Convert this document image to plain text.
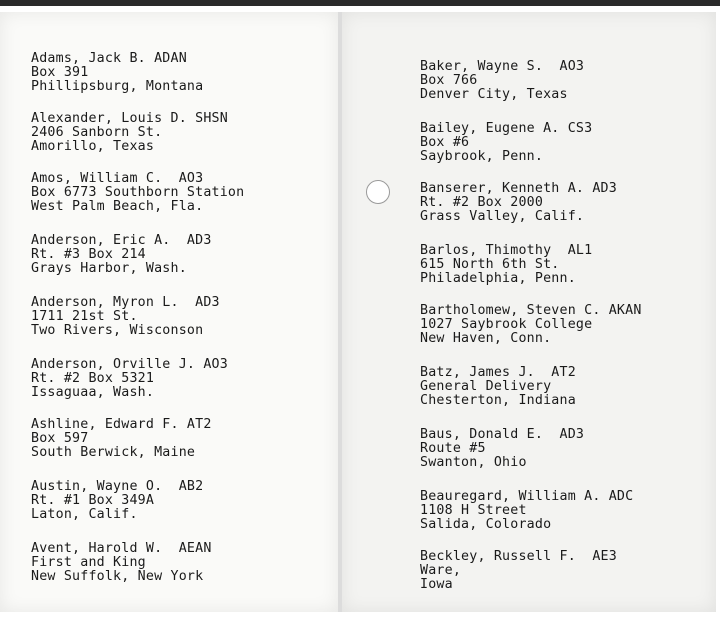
Adams, Jack B. ADAN
Box 391
Phillipsburg, Montana
Alexander, Louis D. SHSN
2406 Sanborn St.
Amorillo, Texas
Amos, William C.  AO3
Box 6773 Southborn Station
West Palm Beach, Fla.
Anderson, Eric A.  AD3
Rt. #3 Box 214
Grays Harbor, Wash.
Anderson, Myron L.  AD3
1711 21st St.
Two Rivers, Wisconson
Anderson, Orville J. AO3
Rt. #2 Box 5321
Issaguaa, Wash.
Ashline, Edward F. AT2
Box 597
South Berwick, Maine
Austin, Wayne O.  AB2
Rt. #1 Box 349A
Laton, Calif.
Avent, Harold W.  AEAN
First and King
New Suffolk, New York
Baker, Wayne S.  AO3
Box 766
Denver City, Texas
Bailey, Eugene A. CS3
Box #6
Saybrook, Penn.
Banserer, Kenneth A. AD3
Rt. #2 Box 2000
Grass Valley, Calif.
Barlos, Thimothy  AL1
615 North 6th St.
Philadelphia, Penn.
Bartholomew, Steven C. AKAN
1027 Saybrook College
New Haven, Conn.
Batz, James J.  AT2
General Delivery
Chesterton, Indiana
Baus, Donald E.  AD3
Route #5
Swanton, Ohio
Beauregard, William A. ADC
1108 H Street
Salida, Colorado
Beckley, Russell F.  AE3
Ware,
Iowa
